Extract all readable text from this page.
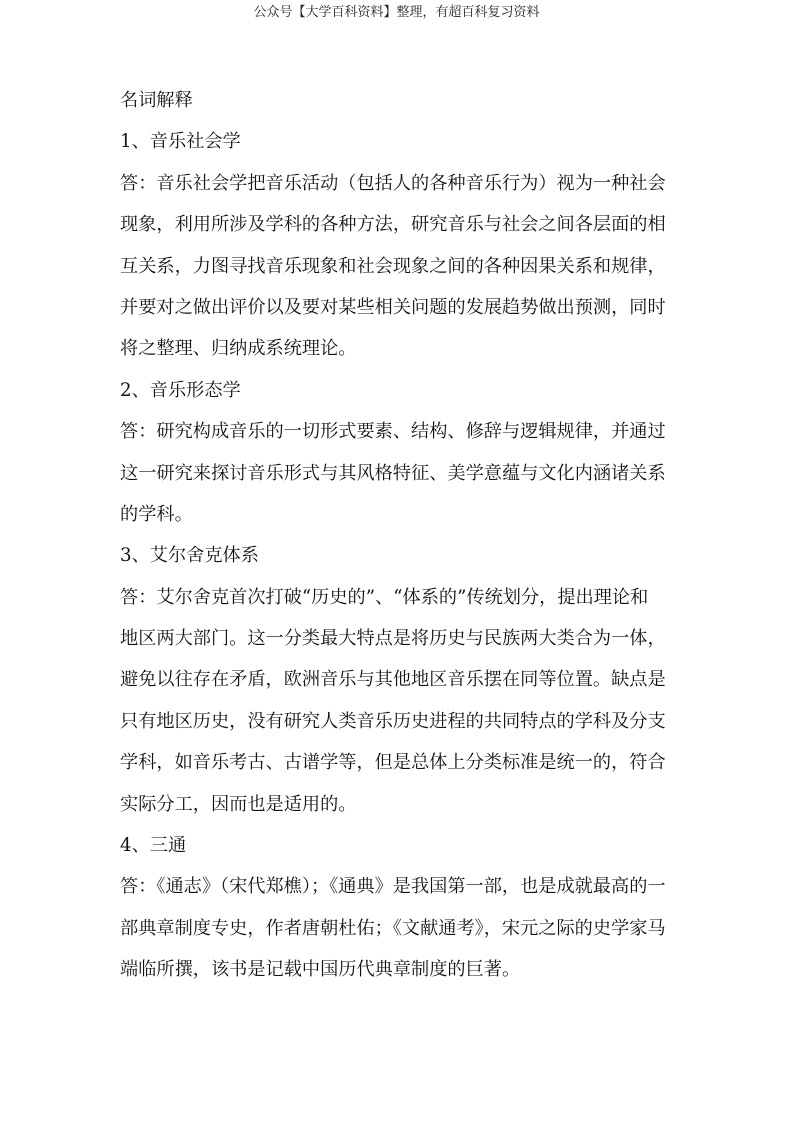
公众号【大学百科资料】整理，有超百科复习资料
名词解释
1、音乐社会学
答：音乐社会学把音乐活动（包括人的各种音乐行为）视为一种社会
现象，利用所涉及学科的各种方法，研究音乐与社会之间各层面的相
互关系，力图寻找音乐现象和社会现象之间的各种因果关系和规律，
并要对之做出评价以及要对某些相关问题的发展趋势做出预测，同时
将之整理、归纳成系统理论。
2、音乐形态学
答：研究构成音乐的一切形式要素、结构、修辞与逻辑规律，并通过
这一研究来探讨音乐形式与其风格特征、美学意蕴与文化内涵诸关系
的学科。
3、艾尔舍克体系
答：艾尔舍克首次打破“历史的”、“体系的”传统划分，提出理论和
地区两大部门。这一分类最大特点是将历史与民族两大类合为一体，
避免以往存在矛盾，欧洲音乐与其他地区音乐摆在同等位置。缺点是
只有地区历史，没有研究人类音乐历史进程的共同特点的学科及分支
学科，如音乐考古、古谱学等，但是总体上分类标准是统一的，符合
实际分工，因而也是适用的。
4、三通
答：《通志》（宋代郑樵）；《通典》是我国第一部，也是成就最高的一
部典章制度专史，作者唐朝杜佑；《文献通考》，宋元之际的史学家马
端临所撰，该书是记载中国历代典章制度的巨著。
